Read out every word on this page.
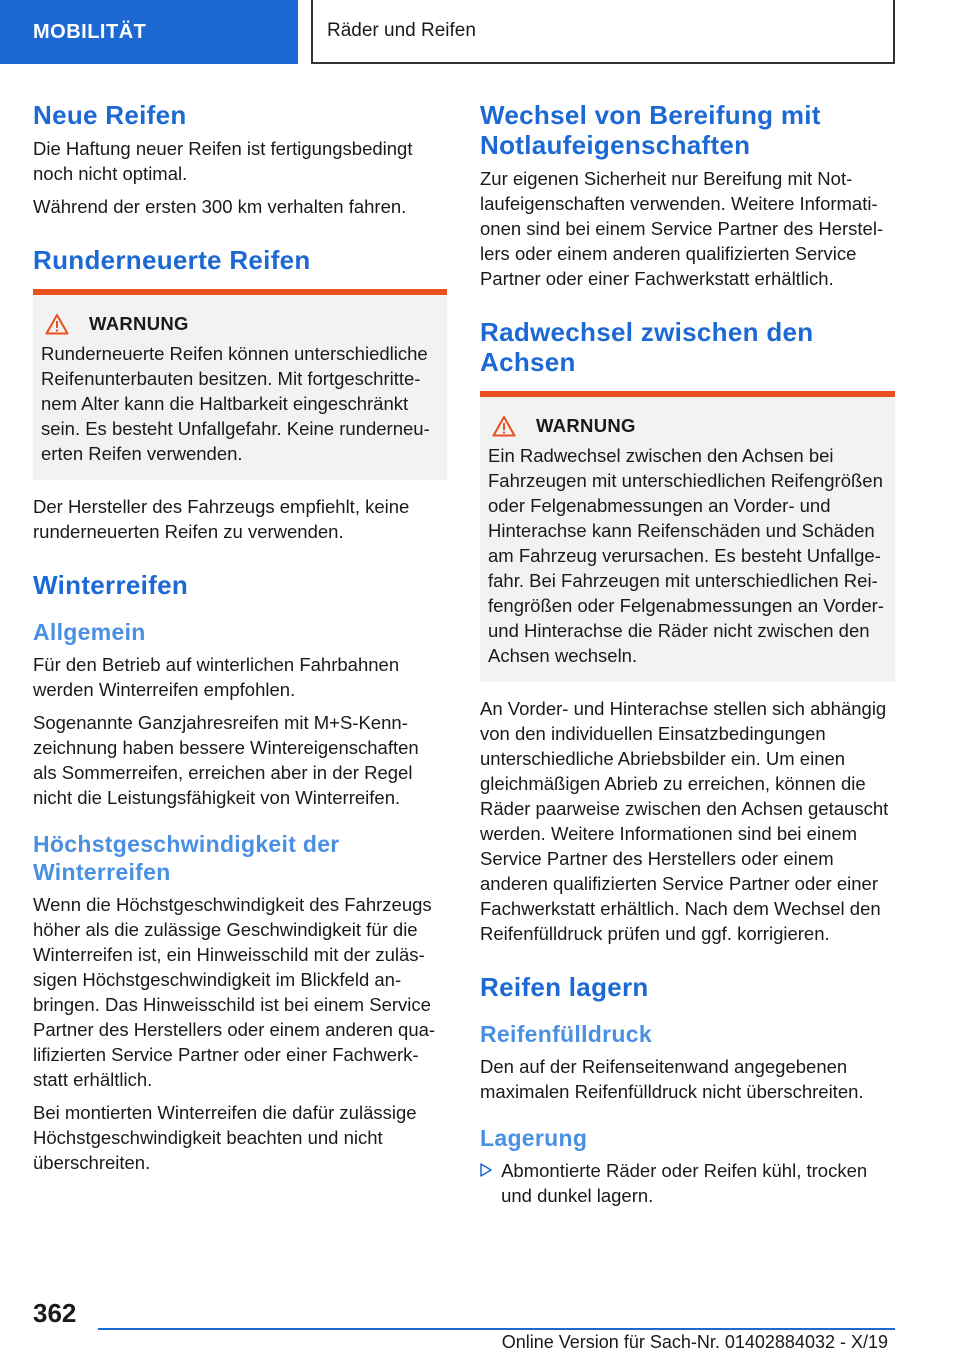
MOBILITÄT	Räder und Reifen
Neue Reifen

Die Haftung neuer Reifen ist fertigungsbedingt noch nicht optimal.

Während der ersten 300 km verhalten fahren.

Runderneuerte Reifen
WARNUNG

Runderneuerte Reifen können unterschiedliche Reifenunterbauten besitzen. Mit fortgeschrittenem Alter kann die Haltbarkeit eingeschränkt sein. Es besteht Unfallgefahr. Keine runderneuerten Reifen verwenden.

Der Hersteller des Fahrzeugs empfiehlt, keine runderneuerten Reifen zu verwenden.

Winterreifen
Allgemein

Für den Betrieb auf winterlichen Fahrbahnen werden Winterreifen empfohlen.

Sogenannte Ganzjahresreifen mit M+S-Kennzeichnung haben bessere Wintereigenschaften als Sommerreifen, erreichen aber in der Regel nicht die Leistungsfähigkeit von Winterreifen.

Höchstgeschwindigkeit der Winterreifen

Wenn die Höchstgeschwindigkeit des Fahrzeugs höher als die zulässige Geschwindigkeit für die Winterreifen ist, ein Hinweisschild mit der zulässigen Höchstgeschwindigkeit im Blickfeld anbringen. Das Hinweisschild ist bei einem Service Partner des Herstellers oder einem anderen qualifizierten Service Partner oder einer Fachwerkstatt erhältlich.

Bei montierten Winterreifen die dafür zulässige Höchstgeschwindigkeit beachten und nicht überschreiten.

Wechsel von Bereifung mit Notlaufeigenschaften

Zur eigenen Sicherheit nur Bereifung mit Notlaufeigenschaften verwenden. Weitere Informationen sind bei einem Service Partner des Herstellers oder einem anderen qualifizierten Service Partner oder einer Fachwerkstatt erhältlich.

Radwechsel zwischen den Achsen
WARNUNG

Ein Radwechsel zwischen den Achsen bei Fahrzeugen mit unterschiedlichen Reifengrößen oder Felgenabmessungen an Vorder- und Hinterachse kann Reifenschäden und Schäden am Fahrzeug verursachen. Es besteht Unfallgefahr. Bei Fahrzeugen mit unterschiedlichen Reifengrößen oder Felgenabmessungen an Vorder- und Hinterachse die Räder nicht zwischen den Achsen wechseln.

An Vorder- und Hinterachse stellen sich abhängig von den individuellen Einsatzbedingungen unterschiedliche Abriebsbilder ein. Um einen gleichmäßigen Abrieb zu erreichen, können die Räder paarweise zwischen den Achsen getauscht werden. Weitere Informationen sind bei einem Service Partner des Herstellers oder einem anderen qualifizierten Service Partner oder einer Fachwerkstatt erhältlich. Nach dem Wechsel den Reifenfülldruck prüfen und ggf. korrigieren.

Reifen lagern
Reifenfülldruck

Den auf der Reifenseitenwand angegebenen maximalen Reifenfülldruck nicht überschreiten.

Lagerung
Abmontierte Räder oder Reifen kühl, trocken und dunkel lagern.
362
Online Version für Sach-Nr. 01402884032 - X/19
